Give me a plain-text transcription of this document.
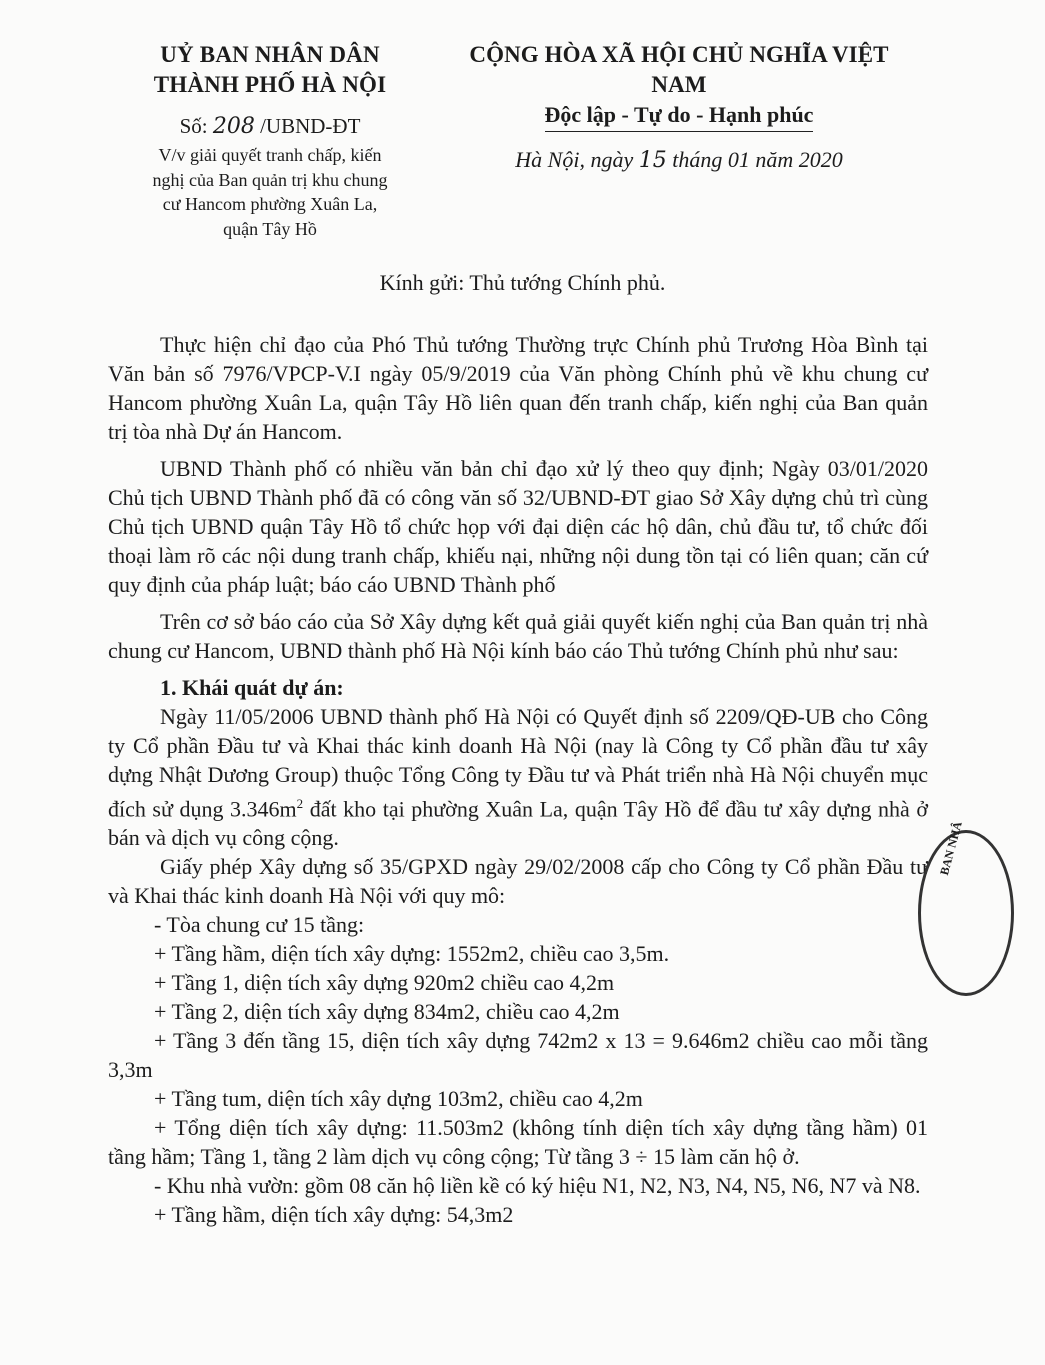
UỶ BAN NHÂN DÂN
THÀNH PHỐ HÀ NỘI
Số: 208 /UBND-ĐT
V/v giải quyết tranh chấp, kiến
nghị của Ban quản trị khu chung
cư Hancom phường Xuân La,
quận Tây Hồ
CỘNG HÒA XÃ HỘI CHỦ NGHĨA VIỆT NAM
Độc lập - Tự do - Hạnh phúc
Hà Nội, ngày 15 tháng 01 năm 2020
Kính gửi: Thủ tướng Chính phủ.

Thực hiện chỉ đạo của Phó Thủ tướng Thường trực Chính phủ Trương Hòa Bình tại Văn bản số 7976/VPCP-V.I ngày 05/9/2019 của Văn phòng Chính phủ về khu chung cư Hancom phường Xuân La, quận Tây Hồ liên quan đến tranh chấp, kiến nghị của Ban quản trị tòa nhà Dự án Hancom.

UBND Thành phố có nhiều văn bản chỉ đạo xử lý theo quy định; Ngày 03/01/2020 Chủ tịch UBND Thành phố đã có công văn số 32/UBND-ĐT giao Sở Xây dựng chủ trì cùng Chủ tịch UBND quận Tây Hồ tổ chức họp với đại diện các hộ dân, chủ đầu tư, tổ chức đối thoại làm rõ các nội dung tranh chấp, khiếu nại, những nội dung tồn tại có liên quan; căn cứ quy định của pháp luật; báo cáo UBND Thành phố

Trên cơ sở báo cáo của Sở Xây dựng kết quả giải quyết kiến nghị của Ban quản trị nhà chung cư Hancom, UBND thành phố Hà Nội kính báo cáo Thủ tướng Chính phủ như sau:

1. Khái quát dự án:

Ngày 11/05/2006 UBND thành phố Hà Nội có Quyết định số 2209/QĐ-UB cho Công ty Cổ phần Đầu tư và Khai thác kinh doanh Hà Nội (nay là Công ty Cổ phần đầu tư xây dựng Nhật Dương Group) thuộc Tổng Công ty Đầu tư và Phát triển nhà Hà Nội chuyển mục đích sử dụng $3.346m^2$ đất kho tại phường Xuân La, quận Tây Hồ để đầu tư xây dựng nhà ở bán và dịch vụ công cộng.

Giấy phép Xây dựng số 35/GPXD ngày 29/02/2008 cấp cho Công ty Cổ phần Đầu tư và Khai thác kinh doanh Hà Nội với quy mô:

- Tòa chung cư 15 tầng:
+ Tầng hầm, diện tích xây dựng: 1552m2, chiều cao 3,5m.
+ Tầng 1, diện tích xây dựng 920m2 chiều cao 4,2m
+ Tầng 2, diện tích xây dựng 834m2, chiều cao 4,2m
+ Tầng 3 đến tầng 15, diện tích xây dựng 742m2 x 13 = 9.646m2 chiều cao mỗi tầng 3,3m
+ Tầng tum, diện tích xây dựng 103m2, chiều cao 4,2m
+ Tổng diện tích xây dựng: 11.503m2 (không tính diện tích xây dựng tầng hầm) 01 tầng hầm; Tầng 1, tầng 2 làm dịch vụ công cộng; Từ tầng 3 ÷ 15 làm căn hộ ở.
- Khu nhà vườn: gồm 08 căn hộ liền kề có ký hiệu N1, N2, N3, N4, N5, N6, N7 và N8.
+ Tầng hầm, diện tích xây dựng: 54,3m2
BAN NHÂ
